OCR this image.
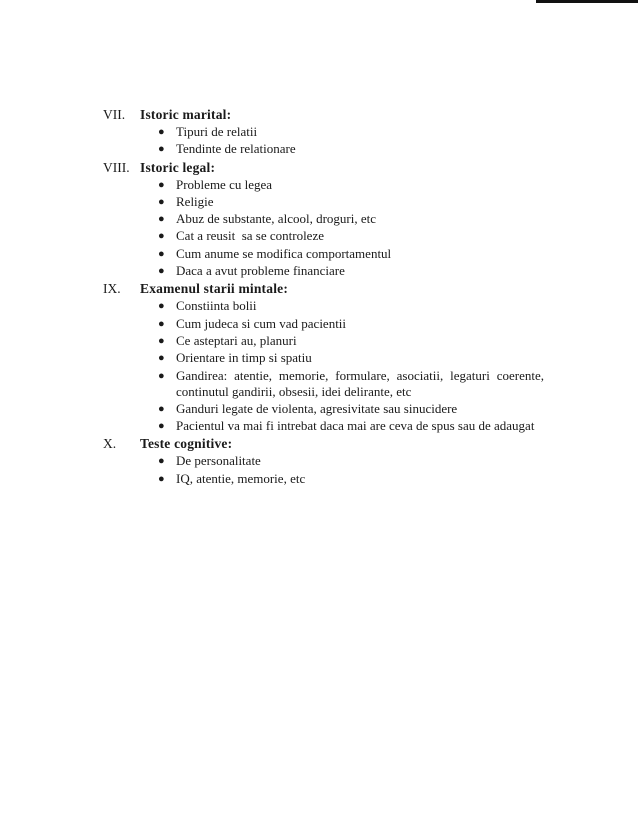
VII. Istoric marital:
● Tipuri de relatii
● Tendinte de relationare
VIII. Istoric legal:
● Probleme cu legea
● Religie
● Abuz de substante, alcool, droguri, etc
● Cat a reusit  sa se controleze
● Cum anume se modifica comportamentul
● Daca a avut probleme financiare
IX. Examenul starii mintale:
● Constiinta bolii
● Cum judeca si cum vad pacientii
● Ce asteptari au, planuri
● Orientare in timp si spatiu
● Gandirea: atentie, memorie, formulare, asociatii, legaturi coerente, continutul gandirii, obsesii, idei delirante, etc
● Ganduri legate de violenta, agresivitate sau sinucidere
● Pacientul va mai fi intrebat daca mai are ceva de spus sau de adaugat
X. Teste cognitive:
● De personalitate
● IQ, atentie, memorie, etc
